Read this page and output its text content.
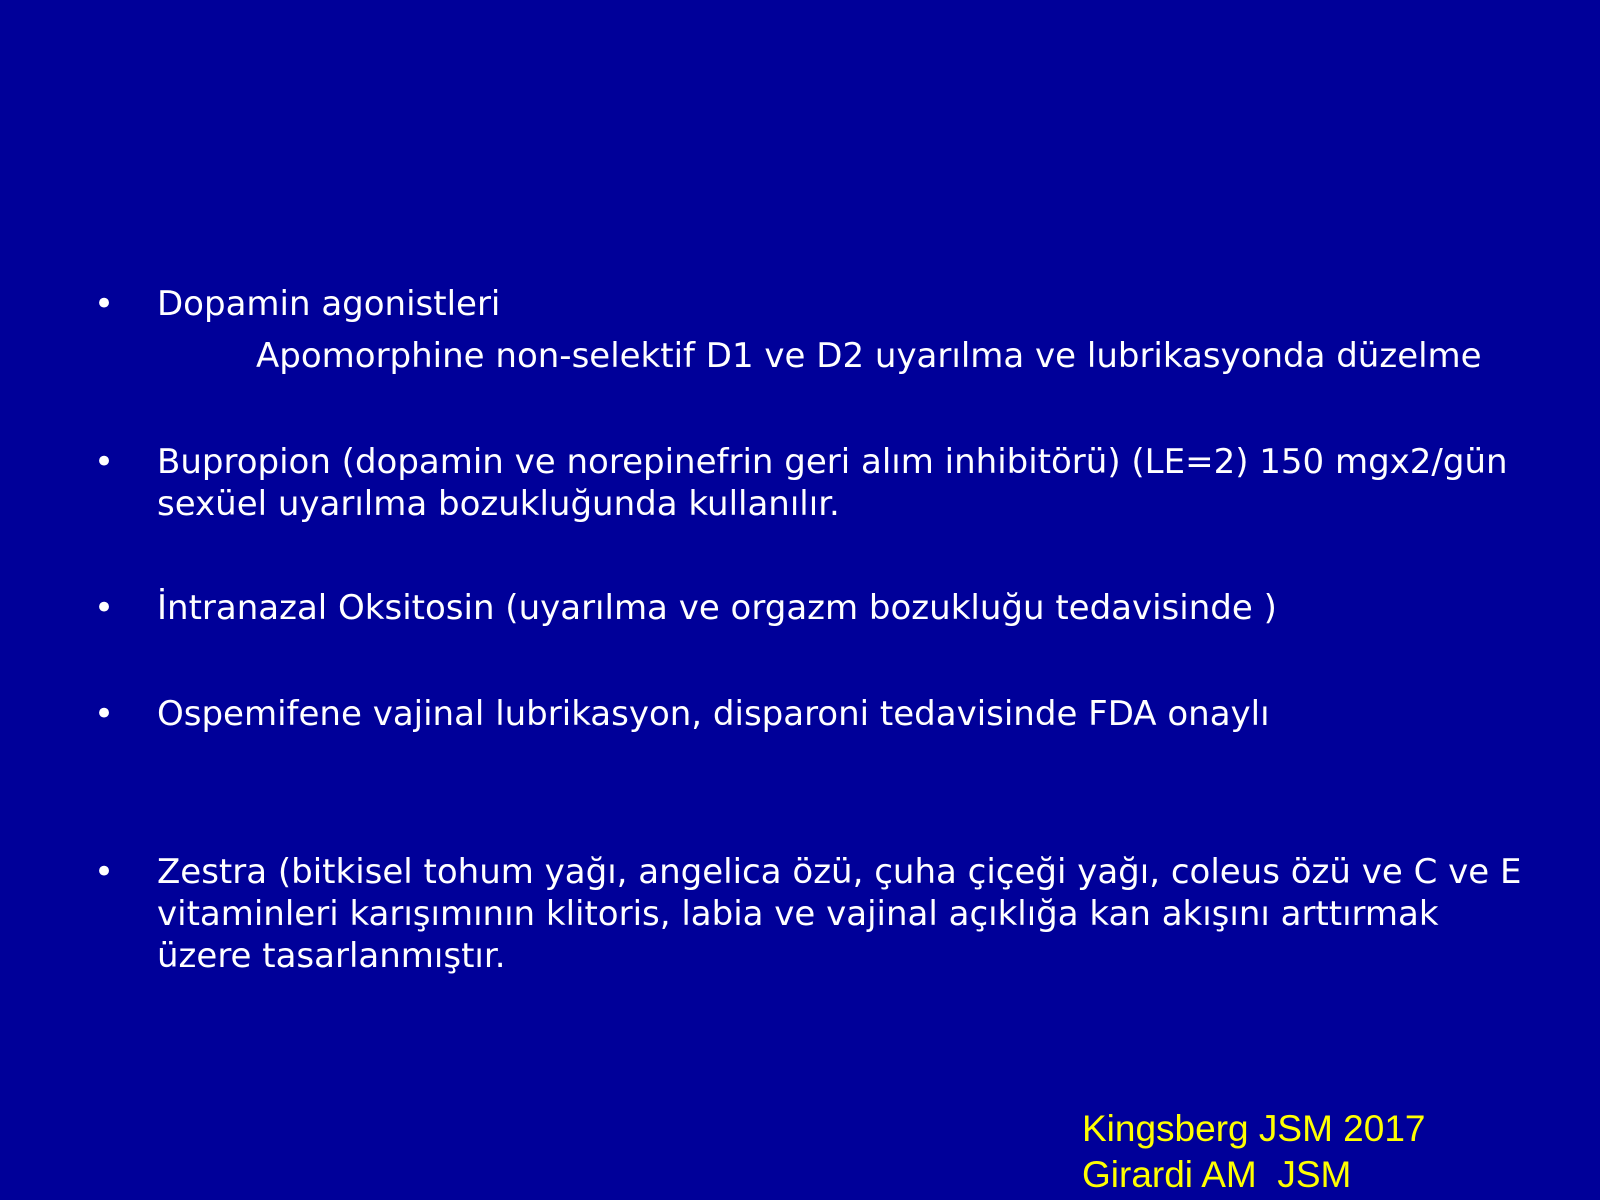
• Dopamin agonistleri
Apomorphine non-selektif D1 ve D2 uyarılma ve lubrikasyonda düzelme
• Bupropion (dopamin ve norepinefrin geri alım inhibitörü) (LE=2) 150 mgx2/gün sexüel uyarılma bozukluğunda kullanılır.
• İntranazal Oksitosin (uyarılma ve orgazm bozukluğu tedavisinde )
• Ospemifene vajinal lubrikasyon, disparoni tedavisinde FDA onaylı
• Zestra (bitkisel tohum yağı, angelica özü, çuha çiçeği yağı, coleus özü ve C ve E vitaminleri karışımının klitoris, labia ve vajinal açıklığa kan akışını arttırmak üzere tasarlanmıştır.
Kingsberg JSM 2017
Girardi AM  JSM
